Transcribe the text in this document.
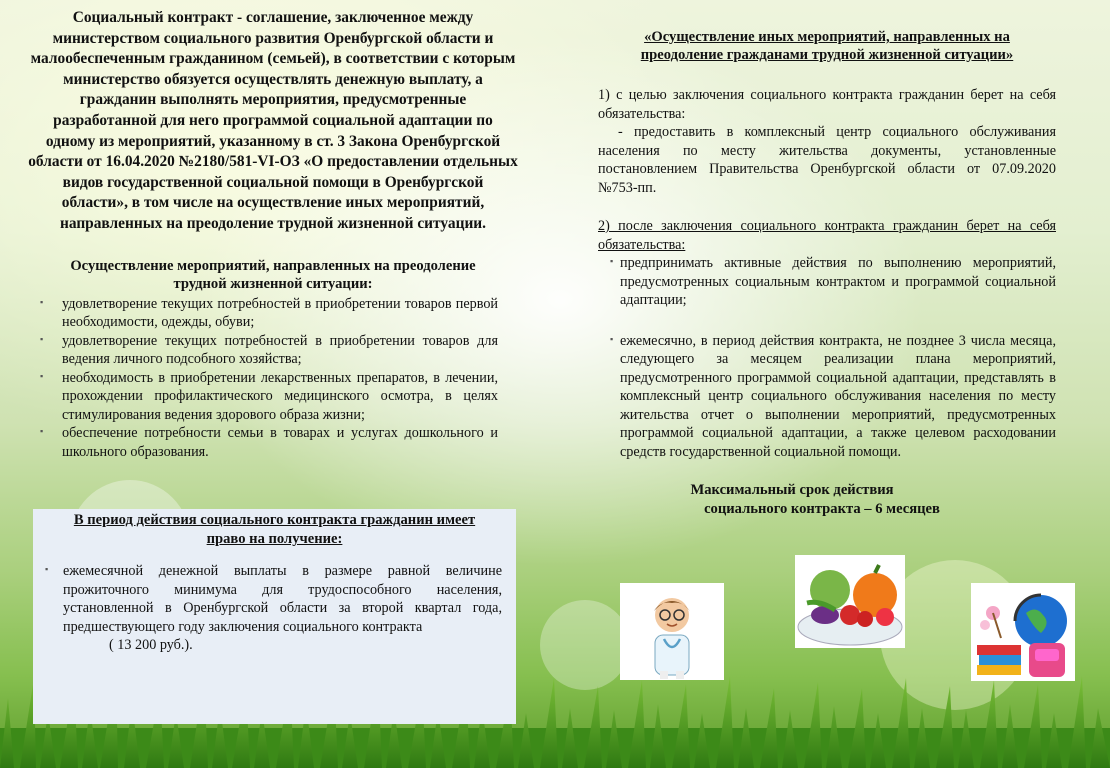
Социальный контракт - соглашение, заключенное между министерством социального развития Оренбургской области и малообеспеченным гражданином (семьей), в соответствии с которым министерство обязуется осуществлять денежную выплату, а гражданин выполнять мероприятия, предусмотренные разработанной для него программой социальной адаптации по одному из мероприятий, указанному в ст. 3 Закона Оренбургской области от 16.04.2020 №2180/581-VI-ОЗ «О предоставлении отдельных видов государственной социальной помощи в Оренбургской области», в том числе на осуществление иных мероприятий, направленных на преодоление трудной жизненной ситуации.

Осуществление мероприятий, направленных на преодоление трудной жизненной ситуации:
▪ удовлетворение текущих потребностей в приобретении товаров первой необходимости, одежды, обуви;
▪ удовлетворение текущих потребностей в приобретении товаров для ведения личного подсобного хозяйства;
▪ необходимость в приобретении лекарственных препаратов, в лечении, прохождении профилактического медицинского осмотра, в целях стимулирования ведения здорового образа жизни;
▪ обеспечение потребности семьи в товарах и услугах дошкольного и школьного образования.
В период действия социального контракта гражданин имеет право на получение:
▪ ежемесячной денежной выплаты в размере равной величине прожиточного минимума для трудоспособного населения, установленной в Оренбургской области за второй квартал года, предшествующего году заключения социального контракта
( 13 200 руб.).
«Осуществление иных мероприятий, направленных на преодоление гражданами трудной жизненной ситуации»

1) с целью заключения социального контракта гражданин берет на себя обязательства:

- предоставить в комплексный центр социального обслуживания населения по месту жительства документы, установленные постановлением Правительства Оренбургской области от 07.09.2020 №753-пп.

2) после заключения социального контракта гражданин берет на себя обязательства:

▪ предпринимать активные действия по выполнению мероприятий, предусмотренных социальным контрактом и программой социальной адаптации;
▪ ежемесячно, в период действия контракта, не позднее 3 числа месяца, следующего за месяцем реализации плана мероприятий, предусмотренного программой социальной адаптации, представлять в комплексный центр социального обслуживания населения по месту жительства отчет о выполнении мероприятий, предусмотренных программой социальной адаптации, а также целевом расходовании средств государственной социальной помощи.
Максимальный срок действия
социального контракта – 6 месяцев
